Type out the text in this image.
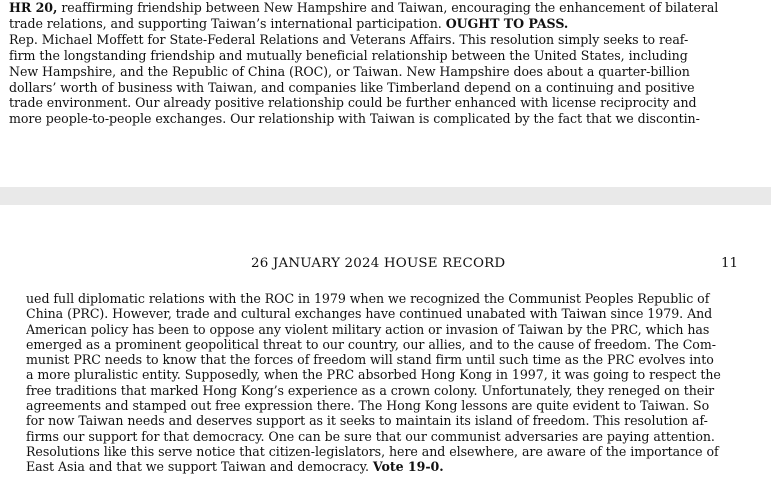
HR 20, reaffirming friendship between New Hampshire and Taiwan, encouraging the enhancement of bilateral
trade relations, and supporting Taiwan’s international participation. OUGHT TO PASS.
Rep. Michael Moffett for State-Federal Relations and Veterans Affairs. This resolution simply seeks to reaf-
firm the longstanding friendship and mutually beneficial relationship between the United States, including
New Hampshire, and the Republic of China (ROC), or Taiwan. New Hampshire does about a quarter-billion
dollars’ worth of business with Taiwan, and companies like Timberland depend on a continuing and positive
trade environment. Our already positive relationship could be further enhanced with license reciprocity and
more people-to-people exchanges. Our relationship with Taiwan is complicated by the fact that we discontin-
26 JANUARY 2024 HOUSE RECORD	11
ued full diplomatic relations with the ROC in 1979 when we recognized the Communist Peoples Republic of
China (PRC). However, trade and cultural exchanges have continued unabated with Taiwan since 1979. And
American policy has been to oppose any violent military action or invasion of Taiwan by the PRC, which has
emerged as a prominent geopolitical threat to our country, our allies, and to the cause of freedom. The Com-
munist PRC needs to know that the forces of freedom will stand firm until such time as the PRC evolves into
a more pluralistic entity. Supposedly, when the PRC absorbed Hong Kong in 1997, it was going to respect the
free traditions that marked Hong Kong’s experience as a crown colony. Unfortunately, they reneged on their
agreements and stamped out free expression there. The Hong Kong lessons are quite evident to Taiwan. So
for now Taiwan needs and deserves support as it seeks to maintain its island of freedom. This resolution af-
firms our support for that democracy. One can be sure that our communist adversaries are paying attention.
Resolutions like this serve notice that citizen-legislators, here and elsewhere, are aware of the importance of
East Asia and that we support Taiwan and democracy. Vote 19-0.
